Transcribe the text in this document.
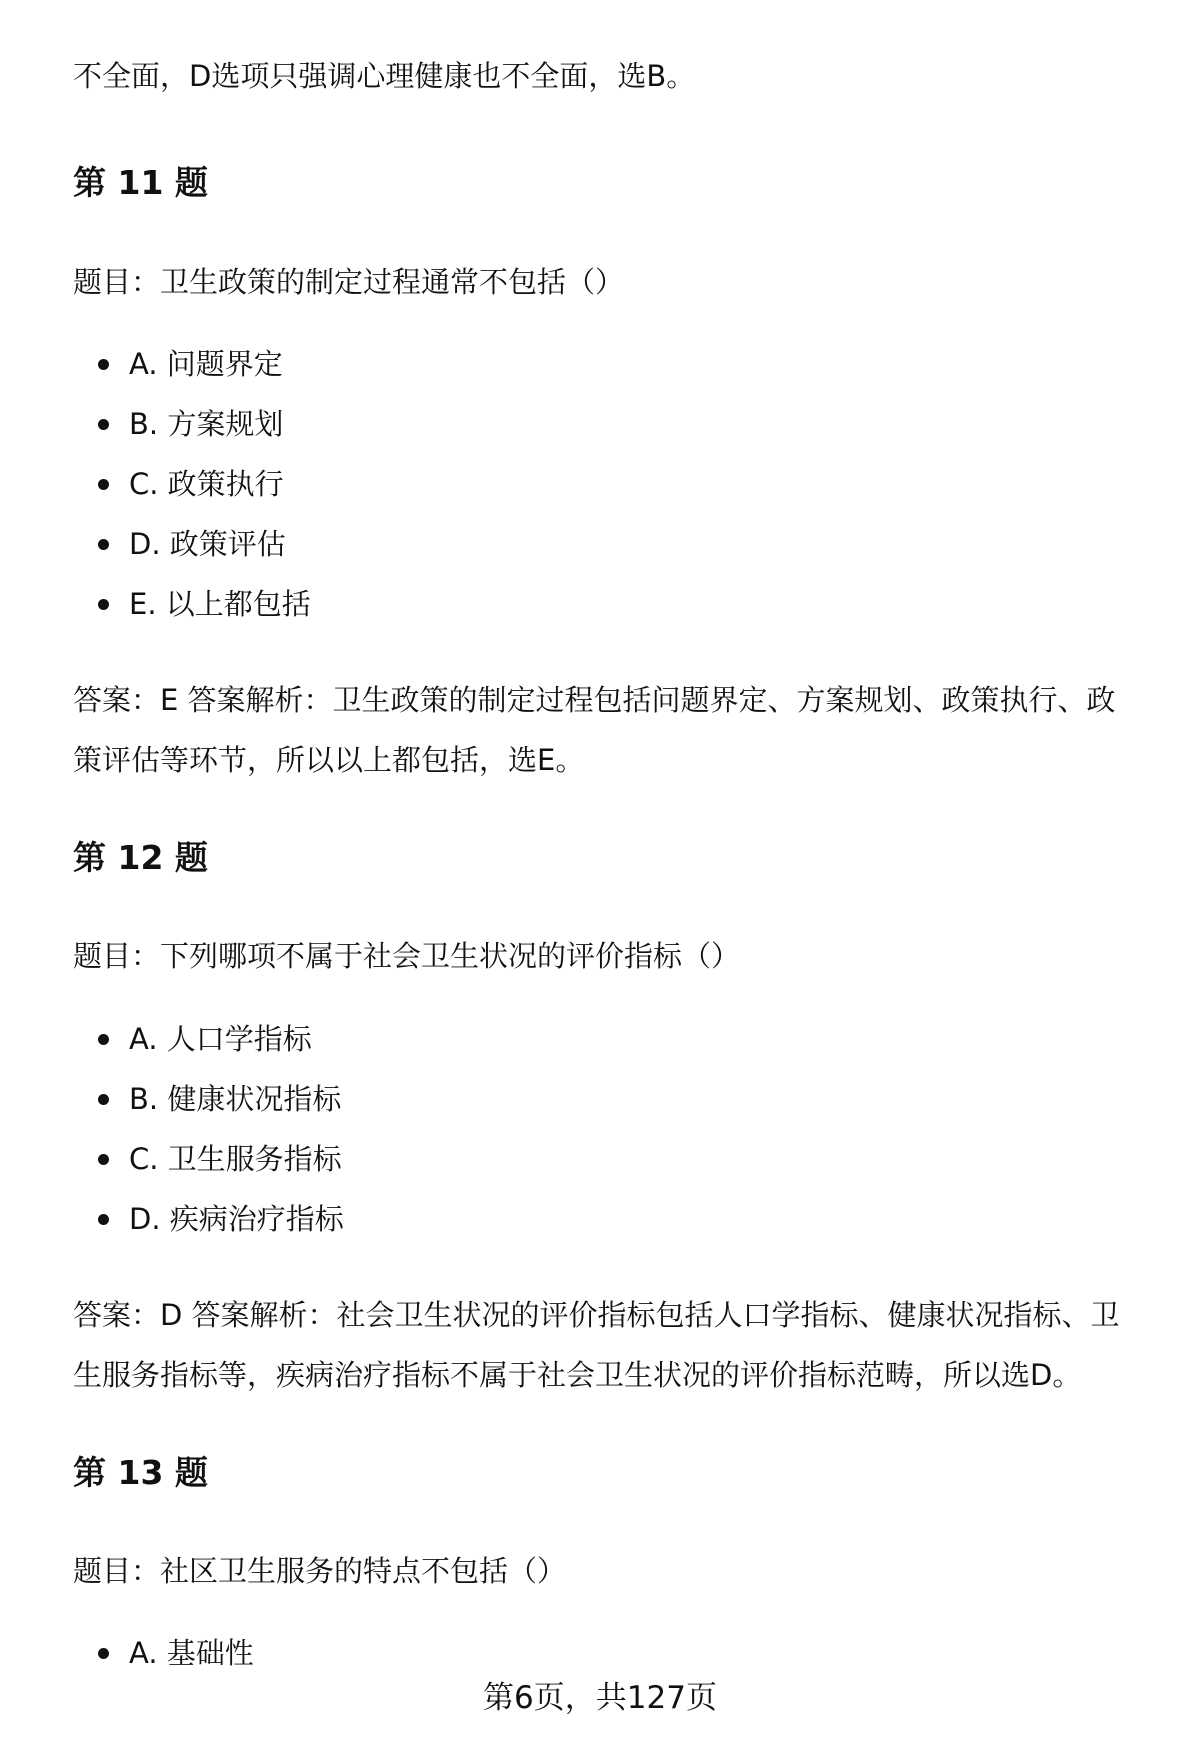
不全面，D选项只强调心理健康也不全面，选B。

第 11 题

题目：卫生政策的制定过程通常不包括（）

A. 问题界定
B. 方案规划
C. 政策执行
D. 政策评估
E. 以上都包括

答案：E 答案解析：卫生政策的制定过程包括问题界定、方案规划、政策执行、政

策评估等环节，所以以上都包括，选E。

第 12 题

题目：下列哪项不属于社会卫生状况的评价指标（）

A. 人口学指标
B. 健康状况指标
C. 卫生服务指标
D. 疾病治疗指标

答案：D 答案解析：社会卫生状况的评价指标包括人口学指标、健康状况指标、卫

生服务指标等，疾病治疗指标不属于社会卫生状况的评价指标范畴，所以选D。

第 13 题

题目：社区卫生服务的特点不包括（）

A. 基础性
第6页，共127页
